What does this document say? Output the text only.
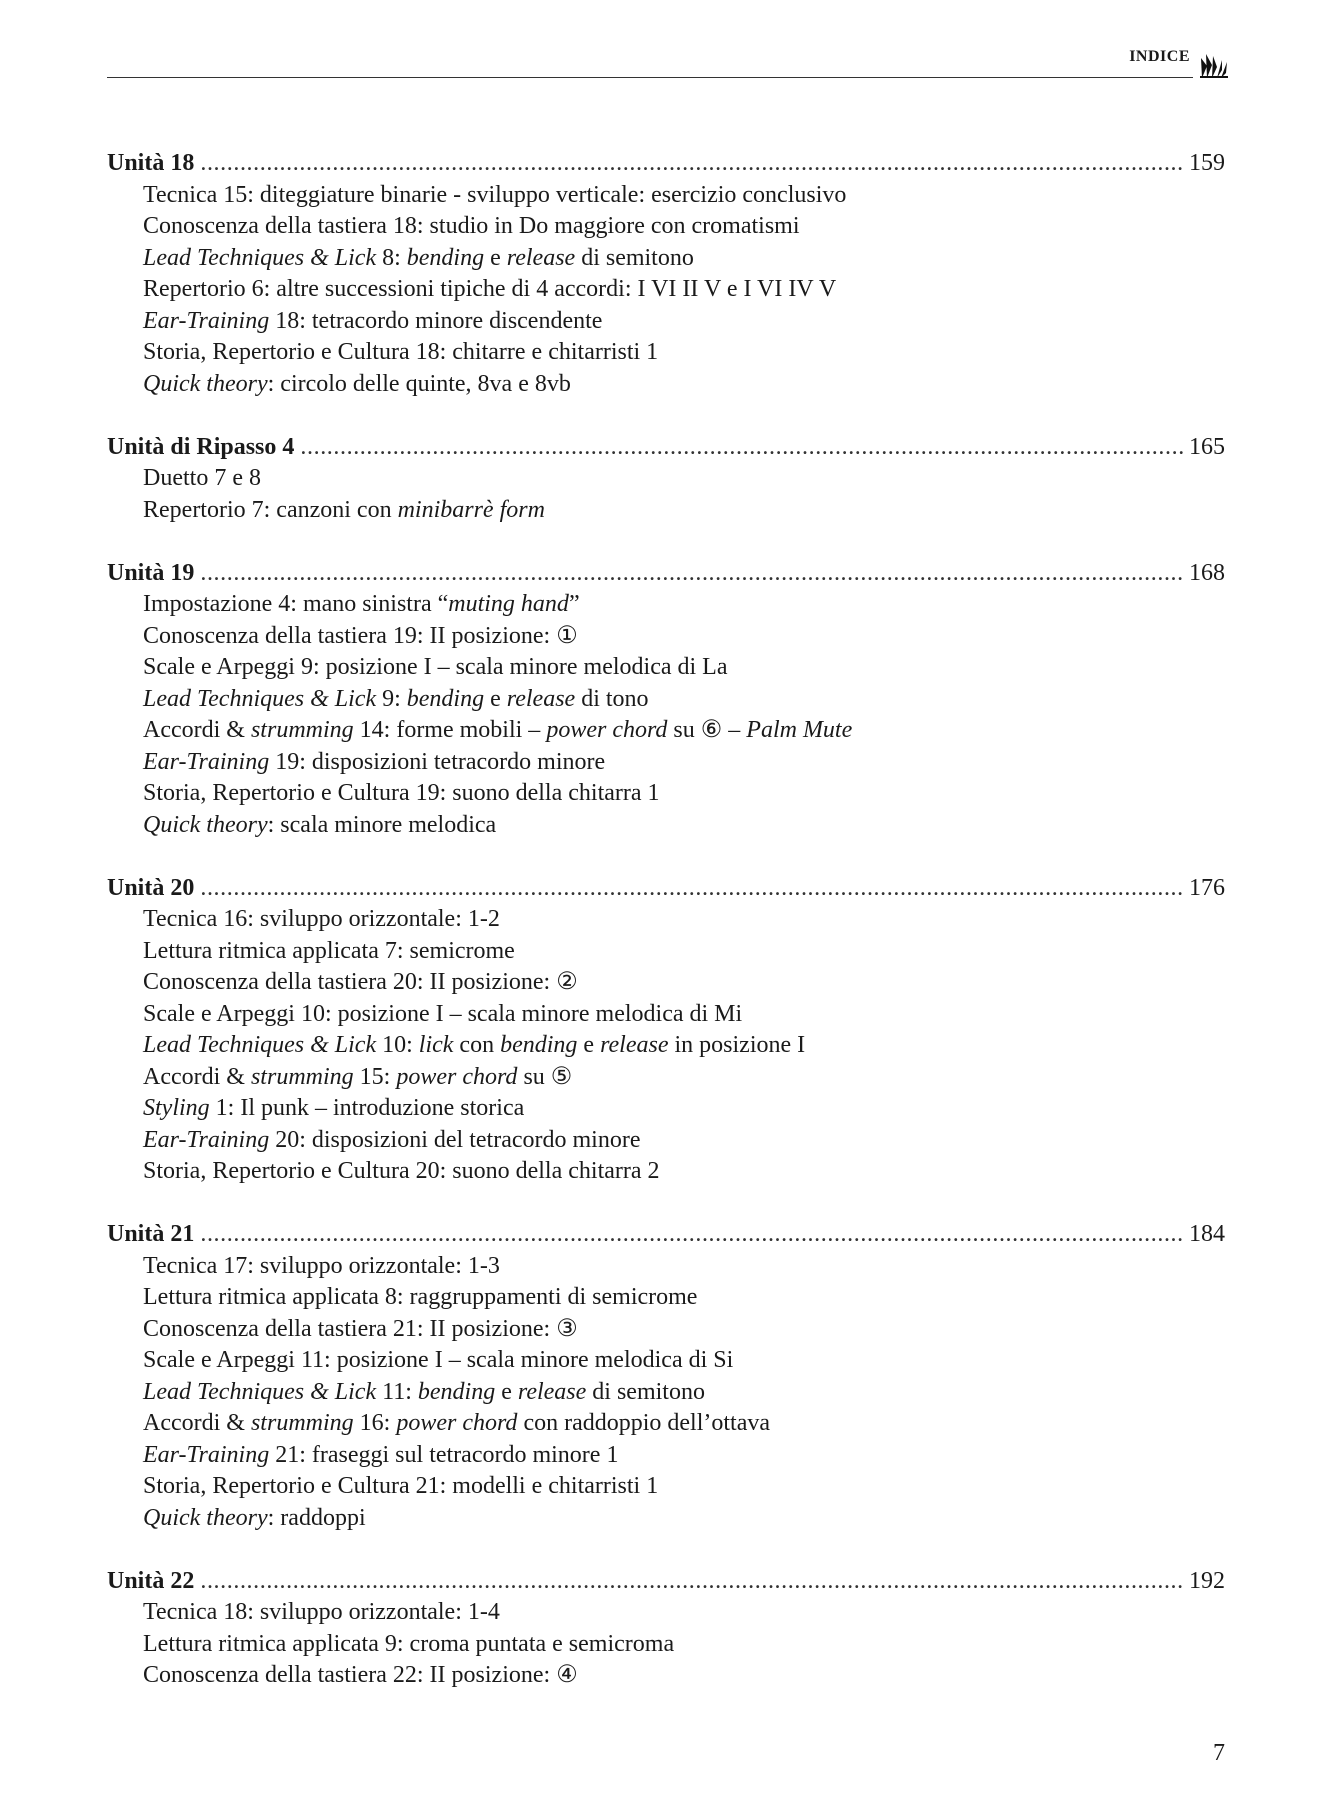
INDICE
Unità 18 .....	159
Tecnica 15: diteggiature binarie - sviluppo verticale: esercizio conclusivo
Conoscenza della tastiera 18: studio in Do maggiore con cromatismi
Lead Techniques & Lick 8: bending e release di semitono
Repertorio 6: altre successioni tipiche di 4 accordi: I VI II V e I VI IV V
Ear-Training 18: tetracordo minore discendente
Storia, Repertorio e Cultura 18: chitarre e chitarristi 1
Quick theory: circolo delle quinte, 8va e 8vb
Unità di Ripasso 4 .....	165
Duetto 7 e 8
Repertorio 7: canzoni con minibarrè form
Unità 19 .....	168
Impostazione 4: mano sinistra “muting hand”
Conoscenza della tastiera 19: II posizione: ①
Scale e Arpeggi 9: posizione I – scala minore melodica di La
Lead Techniques & Lick 9: bending e release di tono
Accordi & strumming 14: forme mobili – power chord su ⑥ – Palm Mute
Ear-Training 19: disposizioni tetracordo minore
Storia, Repertorio e Cultura 19: suono della chitarra 1
Quick theory: scala minore melodica
Unità 20 .....	176
Tecnica 16: sviluppo orizzontale: 1-2
Lettura ritmica applicata 7: semicrome
Conoscenza della tastiera 20: II posizione: ②
Scale e Arpeggi 10: posizione I – scala minore melodica di Mi
Lead Techniques & Lick 10: lick con bending e release in posizione I
Accordi & strumming 15: power chord su ⑤
Styling 1: Il punk – introduzione storica
Ear-Training 20: disposizioni del tetracordo minore
Storia, Repertorio e Cultura 20: suono della chitarra 2
Unità 21 .....	184
Tecnica 17: sviluppo orizzontale: 1-3
Lettura ritmica applicata 8: raggruppamenti di semicrome
Conoscenza della tastiera 21: II posizione: ③
Scale e Arpeggi 11: posizione I – scala minore melodica di Si
Lead Techniques & Lick 11: bending e release di semitono
Accordi & strumming 16: power chord con raddoppio dell’ottava
Ear-Training 21: fraseggi sul tetracordo minore 1
Storia, Repertorio e Cultura 21: modelli e chitarristi 1
Quick theory: raddoppi
Unità 22 .....	192
Tecnica 18: sviluppo orizzontale: 1-4
Lettura ritmica applicata 9: croma puntata e semicroma
Conoscenza della tastiera 22: II posizione: ④
7
